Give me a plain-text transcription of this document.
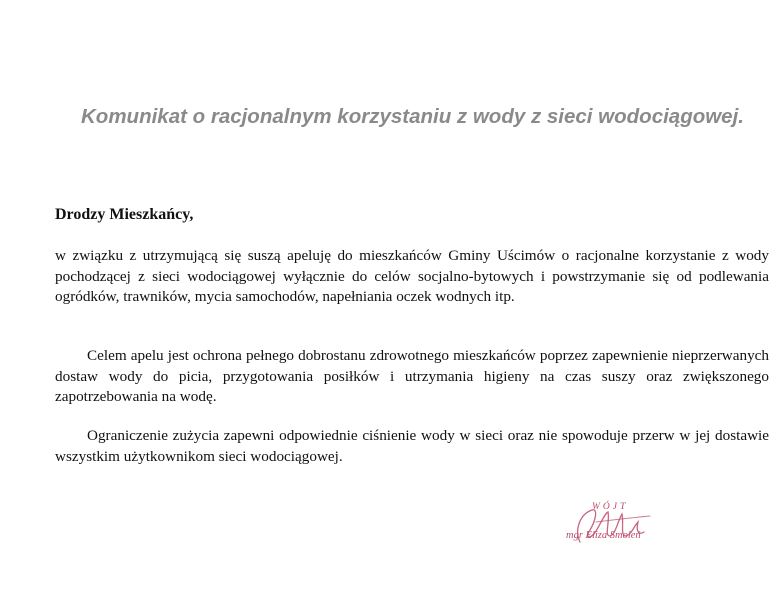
Komunikat o racjonalnym korzystaniu z wody z sieci wodociągowej.
Drodzy Mieszkańcy,
w związku z utrzymującą się suszą apeluję do mieszkańców Gminy Uścimów o racjonalne korzystanie z wody pochodzącej z sieci wodociągowej wyłącznie do celów socjalno-bytowych i powstrzymanie się od podlewania ogródków, trawników, mycia samochodów, napełniania oczek wodnych itp.
Celem apelu jest ochrona pełnego dobrostanu zdrowotnego mieszkańców poprzez zapewnienie nieprzerwanych dostaw wody do picia, przygotowania posiłków i utrzymania higieny na czas suszy oraz zwiększonego zapotrzebowania na wodę.
Ograniczenie zużycia zapewni odpowiednie ciśnienie wody w sieci oraz nie spowoduje przerw w jej dostawie wszystkim użytkownikom sieci wodociągowej.
WÓJT
mgr Eliza Smoleń
